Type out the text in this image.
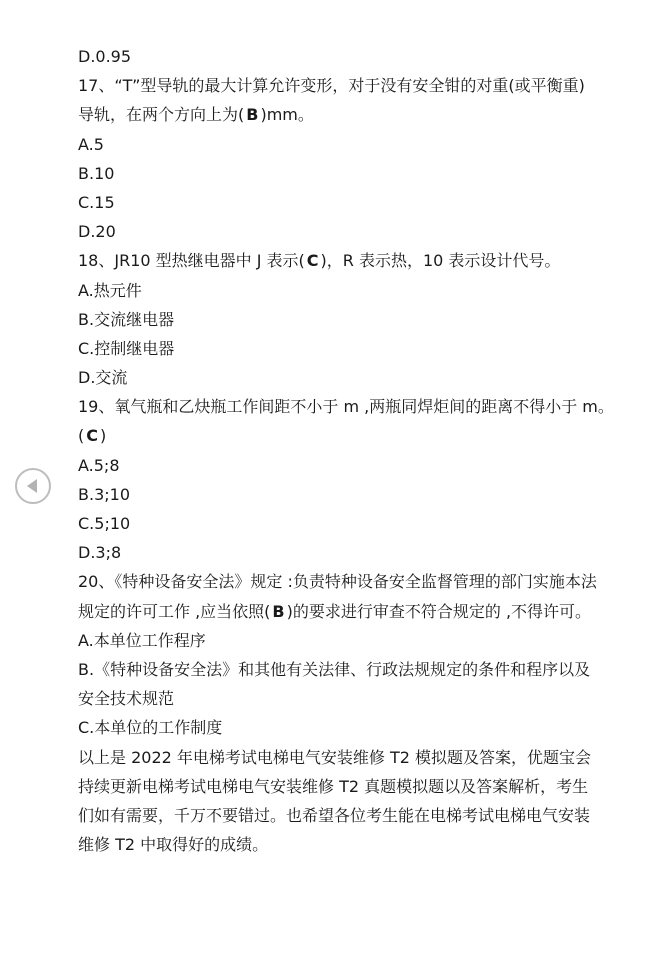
D.0.95
17、“T”型导轨的最大计算允许变形，对于没有安全钳的对重(或平衡重)
导轨，在两个方向上为( B )mm。
A.5
B.10
C.15
D.20
18、JR10 型热继电器中 J 表示( C )，R 表示热，10 表示设计代号。
A.热元件
B.交流继电器
C.控制继电器
D.交流
19、氧气瓶和乙炔瓶工作间距不小于 m ,两瓶同焊炬间的距离不得小于 m。
( C )
A.5;8
B.3;10
C.5;10
D.3;8
20、《特种设备安全法》规定 :负责特种设备安全监督管理的部门实施本法
规定的许可工作 ,应当依照( B )的要求进行审查不符合规定的 ,不得许可。
A.本单位工作程序
B.《特种设备安全法》和其他有关法律、行政法规规定的条件和程序以及
安全技术规范
C.本单位的工作制度
以上是 2022 年电梯考试电梯电气安装维修 T2 模拟题及答案，优题宝会
持续更新电梯考试电梯电气安装维修 T2 真题模拟题以及答案解析，考生
们如有需要，千万不要错过。也希望各位考生能在电梯考试电梯电气安装
维修 T2 中取得好的成绩。
